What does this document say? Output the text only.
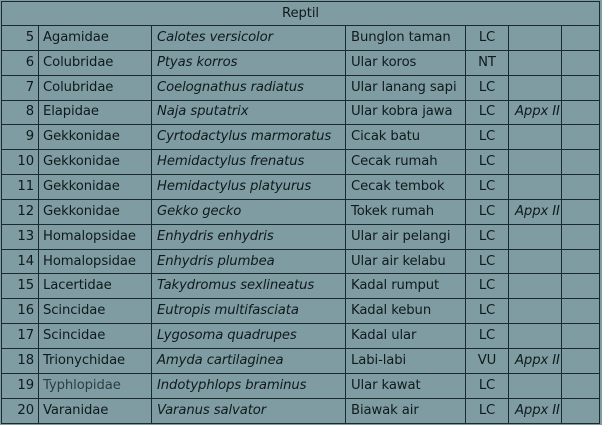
Reptil						
5	Agamidae	Calotes versicolor	Bunglon taman	LC		
6	Colubridae	Ptyas korros	Ular koros	NT		
7	Colubridae	Coelognathus radiatus	Ular lanang sapi	LC		
8	Elapidae	Naja sputatrix	Ular kobra jawa	LC	Appx II	
9	Gekkonidae	Cyrtodactylus marmoratus	Cicak batu	LC		
10	Gekkonidae	Hemidactylus frenatus	Cecak rumah	LC		
11	Gekkonidae	Hemidactylus platyurus	Cecak tembok	LC		
12	Gekkonidae	Gekko gecko	Tokek rumah	LC	Appx II	
13	Homalopsidae	Enhydris enhydris	Ular air pelangi	LC		
14	Homalopsidae	Enhydris plumbea	Ular air kelabu	LC		
15	Lacertidae	Takydromus sexlineatus	Kadal rumput	LC		
16	Scincidae	Eutropis multifasciata	Kadal kebun	LC		
17	Scincidae	Lygosoma quadrupes	Kadal ular	LC		
18	Trionychidae	Amyda cartilaginea	Labi-labi	VU	Appx II	
19	Typhlopidae	Indotyphlops braminus	Ular kawat	LC		
20	Varanidae	Varanus salvator	Biawak air	LC	Appx II	
